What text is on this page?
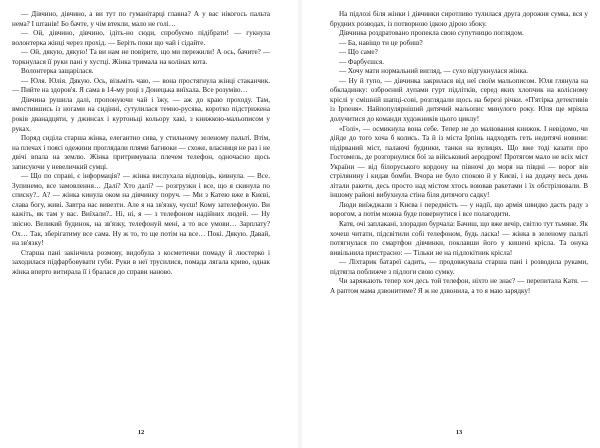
— Дівчино, дівчино, а ви тут по гуманітарці главна? А у вас нікогось пальта нема? І штанів! Бо бачте, у чім втекли, мало не голі…

— Ой, дівчино, дівчино, ідіть-но сюди, спробуємо підібрати! — гукнула волонтерка жінці через прохід. — Беріть поки що чай і сідайте.

— Ой, дякую, дякую! Та ви нам не повірите, що ми пережили! А ось, бачите? — торкнулася її руки пані у хустці. Жінка тримала на колінах кота.

Волонтерка защарілася.

— Юля. Юлія. Дякую. Ось, візьміть чаю, — вона простягнула жінці стаканчик. — Пийте на здоров'я. Я сама в 14-му році з Донецька виїхала. Все розумію…

Дівчина рушила далі, пропонуючи чай і їжу, — аж до краю проходу. Там, вмостившись із ногами на сидінні, сутулилася темно-русява, коротко підстрижена років дванадцяти, у джинсах і куртоньці кольору хакі, з книжкою-мальописом у руках.

Поряд сиділа старша жінка, елегантно сива, у стильному зеленому пальті. Втім, на плечах і поясі одежини проглядали плями багнюки — схоже, власниця не раз і не двічі впала на землю. Жінка притримувала плечем телефон, одночасно щось записуючи у невеличкий сумці.

— Що по справі, є інформація? — жінка вислухала відповідь, кивнула. — Все. Зупинемо, все замовлення… Далі? Хто далі? — розгрузки і все, що я скинула по списку?.. А? — жінка кинула оком на дівчинку поруч. — Ми з Катею вже в Києві, слава богу, живі. Завтра нас вивезти. Але я на зв'язку, чуєш! Кому зателефоную. Ви кажіть, як там у вас. Виїхали?.. Ні, ні, я — з телефоном надійних людей. — Ну звісно. Великий будинок, на зв'язку, телефонуй мені, а то все умови… Зарплату? Ох… Так, зберігатиму все сама. Ну ж то, то ще потім на все… Покі. Дякую. Давай, на зв'язку!

Старша пані закінчила розмову, видобула з косметички помаду й люстерко і заходилася підфарбовувати губи. Руки в неї трусилися, помада лягала криво, однак жінка вперто витирала її і бралася до справи наново.

12

На підлозі біля жінки і дівчинки сиротливо тулилася друга дорожня сумка, вся у брудних розводах, із потворною ідкою дірою збоку.

Дівчинка роздратовано пропекла свою супутницю поглядом.

— Ба, навіщо ти це робиш?

— Що саме?

— Фарбуєшся.

— Хочу мати нормальний вигляд, — сухо відгукнулася жінка.

— Ну й тупо, — дівчинка закрилася від неї своїм мальописом. Юля глянула на обкладинку: озброєний лупами гурт підлітків, серед яких хлопчик на колісному кріслі у смішній шапці-совi, розглядали щось на березі річки. «П'ятірка детективів із Ірпеня». Найпопулярніший дитячий мальопис минулого року. Юля ще мріяла долучитися до команди художників цього циклу!

«Голі», — осмикнула вона себе. Тепер не до малювання книжок. І невідомо, чи дійде до того хоча б колись. Та й із міста Ірпінь надходять геть недитячі новини: підірваний міст, палаючі будинки, танки на вулицях. Що вже тоді казати про Гостомель, де розгорнулися бої за військовий аеродром! Протягом мало не всіх міст України — від білоруського кордону на півночі до моря на півдні — ворог вів стрілянину і кидав бомби. Вчора не було спокою й у Києві, і на додачу весь день літали ракети, десь просто над містом хтось воював ракетами і їх обстрілювали. В іншому районі вибухнула стіна біля дитячого садку!

Люди виїжджали з Києва і передмість — у надії, що армія швидко дасть раду з ворогом, а потім можна буде повернутися і все полагодити.

Катя, очі заплакані, злорадно бурчала: Бачиш, що вже вечір, світло тут тьмяне. Як хочеш читати, підсвітили собі телефоном, будь ласка! — жінка в зеленому пальті потягнулася по смартфон дівчинки, поклавши його у кишені крісла. Та онука вивільнила пристрасно: — Тільки не на підлокітник крісла!

— Ліхтарик батареї садить, — продовжувала старша пані і розводила руками, підтягла поближче з підлоги свою сумку.

Чи заряжають тепер хоч десь той телефон, ніхто не знає? — перепитала Катя. — А раптом мама дзвонитиме? Я ж не дзвонила, а то я маю зарядку!

13
